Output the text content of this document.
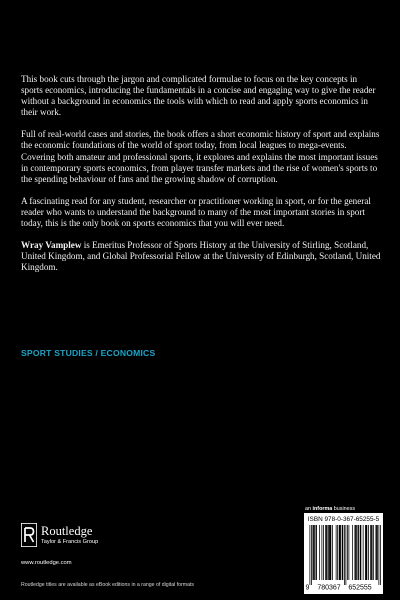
This book cuts through the jargon and complicated formulae to focus on the key concepts in sports economics, introducing the fundamentals in a concise and engaging way to give the reader without a background in economics the tools with which to read and apply sports economics in their work.

Full of real-world cases and stories, the book offers a short economic history of sport and explains the economic foundations of the world of sport today, from local leagues to mega-events. Covering both amateur and professional sports, it explores and explains the most important issues in contemporary sports economics, from player transfer markets and the rise of women's sports to the spending behaviour of fans and the growing shadow of corruption.

A fascinating read for any student, researcher or practitioner working in sport, or for the general reader who wants to understand the background to many of the most important stories in sport today, this is the only book on sports economics that you will ever need.

Wray Vamplew is Emeritus Professor of Sports History at the University of Stirling, Scotland, United Kingdom, and Global Professorial Fellow at the University of Edinburgh, Scotland, United Kingdom.

SPORT STUDIES / ECONOMICS
an informa business
Routledge
Taylor & Francis Group
www.routledge.com
Routledge titles are available as eBook editions in a range of digital formats
ISBN 978-0-367-65255-5
9 780367 652555
